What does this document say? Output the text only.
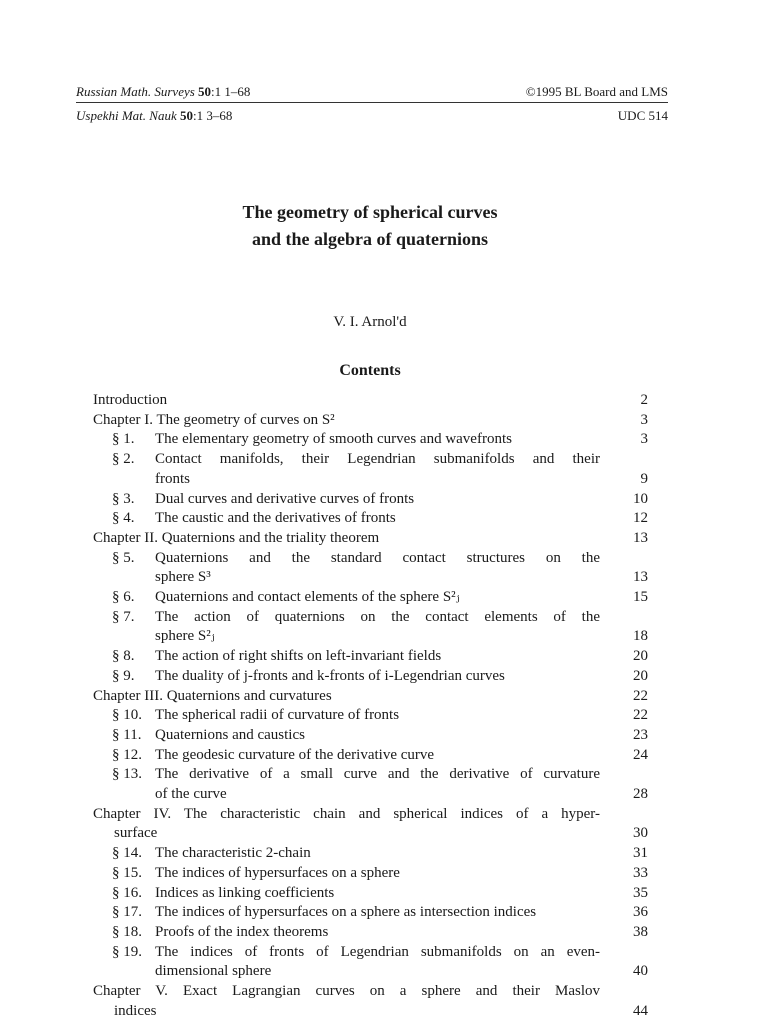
Russian Math. Surveys 50:1 1–68	©1995 BL Board and LMS
Uspekhi Mat. Nauk 50:1 3–68	UDC 514
The geometry of spherical curves
and the algebra of quaternions
V. I. Arnol'd
Contents
Introduction	2
Chapter I. The geometry of curves on S²	3
§ 1.	The elementary geometry of smooth curves and wavefronts	3
§ 2.	Contact manifolds, their Legendrian submanifolds and their
fronts	9
§ 3.	Dual curves and derivative curves of fronts	10
§ 4.	The caustic and the derivatives of fronts	12
Chapter II. Quaternions and the triality theorem	13
§ 5.	Quaternions and the standard contact structures on the
sphere S³	13
§ 6.	Quaternions and contact elements of the sphere S²ⱼ	15
§ 7.	The action of quaternions on the contact elements of the
sphere S²ⱼ	18
§ 8.	The action of right shifts on left-invariant fields	20
§ 9.	The duality of j-fronts and k-fronts of i-Legendrian curves	20
Chapter III. Quaternions and curvatures	22
§ 10. The spherical radii of curvature of fronts	22
§ 11. Quaternions and caustics	23
§ 12. The geodesic curvature of the derivative curve	24
§ 13. The derivative of a small curve and the derivative of curvature
of the curve	28
Chapter IV. The characteristic chain and spherical indices of a hyper-
surface	30
§ 14. The characteristic 2-chain	31
§ 15. The indices of hypersurfaces on a sphere	33
§ 16. Indices as linking coefficients	35
§ 17. The indices of hypersurfaces on a sphere as intersection indices	36
§ 18. Proofs of the index theorems	38
§ 19. The indices of fronts of Legendrian submanifolds on an even-
dimensional sphere	40
Chapter V. Exact Lagrangian curves on a sphere and their Maslov
indices	44
